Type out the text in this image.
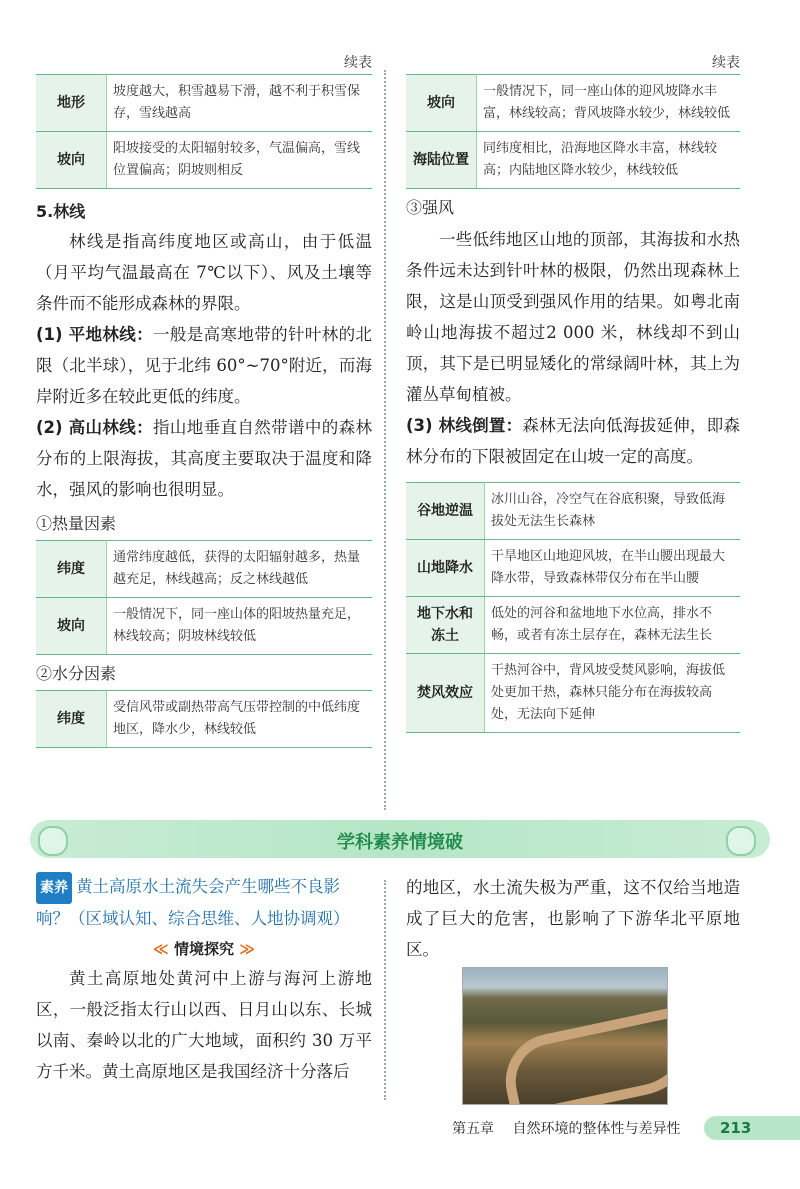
续表
地形	坡度越大，积雪越易下滑，越不利于积雪保存，雪线越高
坡向	阳坡接受的太阳辐射较多，气温偏高，雪线位置偏高；阴坡则相反
5.林线

林线是指高纬度地区或高山，由于低温（月平均气温最高在 7℃以下）、风及土壤等条件而不能形成森林的界限。

(1) 平地林线：一般是高寒地带的针叶林的北限（北半球），见于北纬 60°~70°附近，而海岸附近多在较此更低的纬度。

(2) 高山林线：指山地垂直自然带谱中的森林分布的上限海拔，其高度主要取决于温度和降水，强风的影响也很明显。

①热量因素
纬度	通常纬度越低，获得的太阳辐射越多，热量越充足，林线越高；反之林线越低
坡向	一般情况下，同一座山体的阳坡热量充足，林线较高；阴坡林线较低
②水分因素
纬度	受信风带或副热带高气压带控制的中低纬度地区，降水少，林线较低
续表
坡向	一般情况下，同一座山体的迎风坡降水丰富，林线较高；背风坡降水较少，林线较低
海陆位置	同纬度相比，沿海地区降水丰富，林线较高；内陆地区降水较少，林线较低
③强风

一些低纬地区山地的顶部，其海拔和水热条件远未达到针叶林的极限，仍然出现森林上限，这是山顶受到强风作用的结果。如粤北南岭山地海拔不超过2 000 米，林线却不到山顶，其下是已明显矮化的常绿阔叶林，其上为灌丛草甸植被。

(3) 林线倒置：森林无法向低海拔延伸，即森林分布的下限被固定在山坡一定的高度。

谷地逆温	冰川山谷，冷空气在谷底积聚，导致低海拔处无法生长森林
山地降水	干旱地区山地迎风坡，在半山腰出现最大降水带，导致森林带仅分布在半山腰
地下水和冻土	低处的河谷和盆地地下水位高，排水不畅，或者有冻土层存在，森林无法生长
焚风效应	干热河谷中，背风坡受焚风影响，海拔低处更加干热，森林只能分布在海拔较高处，无法向下延伸
学科素养情境破
素养 黄土高原水土流失会产生哪些不良影响？（区域认知、综合思维、人地协调观）
≪ 情境探究 ≫

黄土高原地处黄河中上游与海河上游地区，一般泛指太行山以西、日月山以东、长城以南、秦岭以北的广大地域，面积约 30 万平方千米。黄土高原地区是我国经济十分落后

的地区，水土流失极为严重，这不仅给当地造成了巨大的危害，也影响了下游华北平原地区。

第五章 自然环境的整体性与差异性	213
